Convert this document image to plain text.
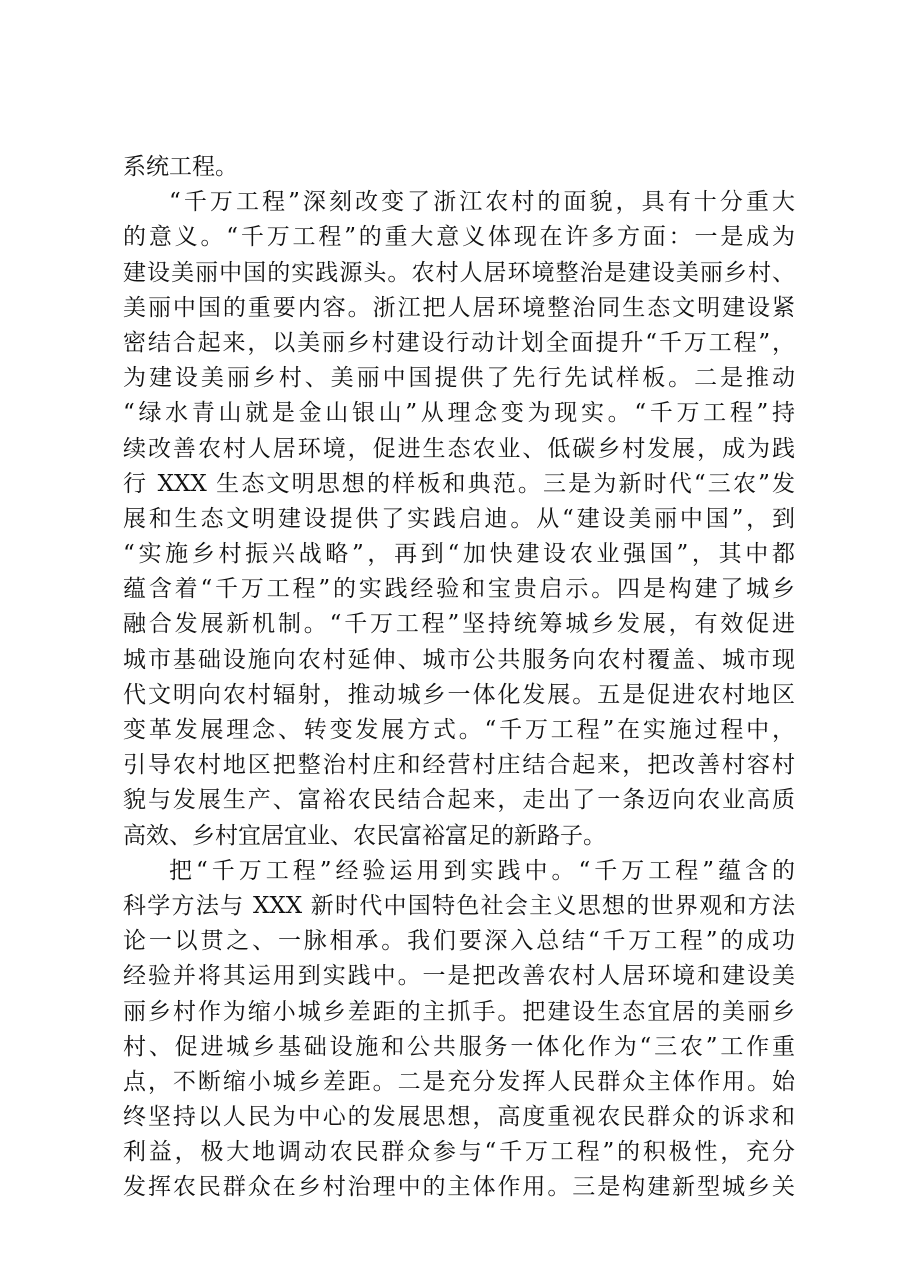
系统工程。
“千万工程”深刻改变了浙江农村的面貌，具有十分重大
的意义。“千万工程”的重大意义体现在许多方面：一是成为
建设美丽中国的实践源头。农村人居环境整治是建设美丽乡村、
美丽中国的重要内容。浙江把人居环境整治同生态文明建设紧
密结合起来，以美丽乡村建设行动计划全面提升“千万工程”，
为建设美丽乡村、美丽中国提供了先行先试样板。二是推动
“绿水青山就是金山银山”从理念变为现实。“千万工程”持
续改善农村人居环境，促进生态农业、低碳乡村发展，成为践
行 XXX 生态文明思想的样板和典范。三是为新时代“三农”发
展和生态文明建设提供了实践启迪。从“建设美丽中国”，到
“实施乡村振兴战略”，再到“加快建设农业强国”，其中都
蕴含着“千万工程”的实践经验和宝贵启示。四是构建了城乡
融合发展新机制。“千万工程”坚持统筹城乡发展，有效促进
城市基础设施向农村延伸、城市公共服务向农村覆盖、城市现
代文明向农村辐射，推动城乡一体化发展。五是促进农村地区
变革发展理念、转变发展方式。“千万工程”在实施过程中，
引导农村地区把整治村庄和经营村庄结合起来，把改善村容村
貌与发展生产、富裕农民结合起来，走出了一条迈向农业高质
高效、乡村宜居宜业、农民富裕富足的新路子。
把“千万工程”经验运用到实践中。“千万工程”蕴含的
科学方法与 XXX 新时代中国特色社会主义思想的世界观和方法
论一以贯之、一脉相承。我们要深入总结“千万工程”的成功
经验并将其运用到实践中。一是把改善农村人居环境和建设美
丽乡村作为缩小城乡差距的主抓手。把建设生态宜居的美丽乡
村、促进城乡基础设施和公共服务一体化作为“三农”工作重
点，不断缩小城乡差距。二是充分发挥人民群众主体作用。始
终坚持以人民为中心的发展思想，高度重视农民群众的诉求和
利益，极大地调动农民群众参与“千万工程”的积极性，充分
发挥农民群众在乡村治理中的主体作用。三是构建新型城乡关
